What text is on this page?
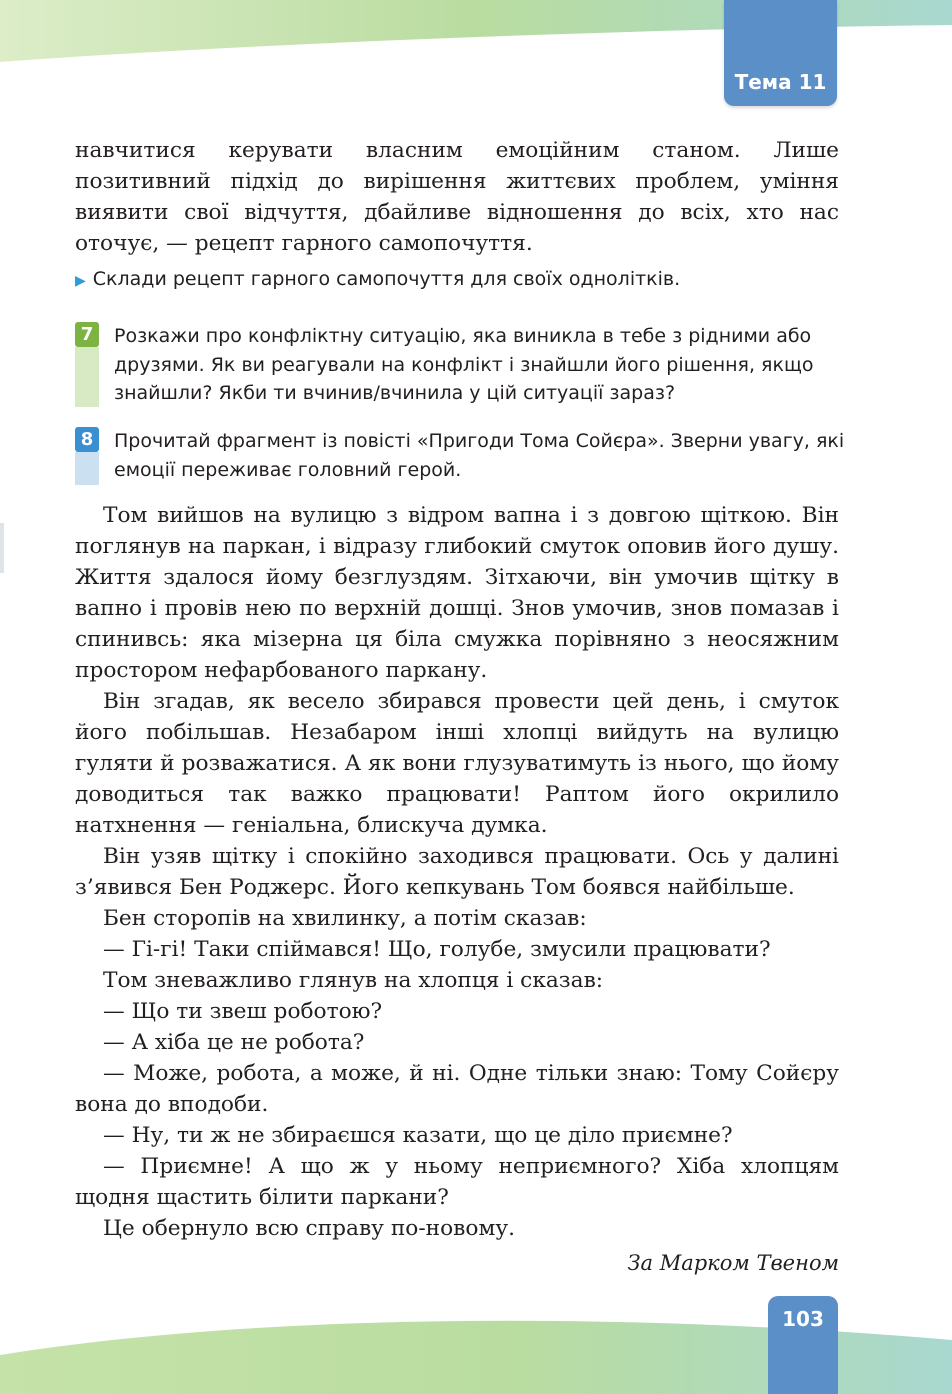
Тема 11

навчитися керувати власним емоційним станом. Лише позитивний підхід до вирішення життєвих проблем, уміння виявити свої відчуття, дбайливе відношення до всіх, хто нас оточує, — рецепт гарного самопочуття.

▶ Склади рецепт гарного самопочуття для своїх однолітків.
7	Розкажи про конфліктну ситуацію, яка виникла в тебе з рідними або друзями. Як ви реагували на конфлікт і знайшли його рішення, якщо знайшли? Якби ти вчинив/вчинила у цій ситуації зараз?
8	Прочитай фрагмент із повісті «Пригоди Тома Сойєра». Зверни увагу, які емоції переживає головний герой.

Том вийшов на вулицю з відром вапна і з довгою щіткою. Він поглянув на паркан, і відразу глибокий смуток оповив його душу. Життя здалося йому безглуздям. Зітхаючи, він умочив щітку в вапно і провів нею по верхній дошці. Знов умочив, знов помазав і спинивсь: яка мізерна ця біла смужка порівняно з неосяжним простором нефарбованого паркану.

Він згадав, як весело збирався провести цей день, і смуток його побільшав. Незабаром інші хлопці вийдуть на вулицю гуляти й розважатися. А як вони глузуватимуть із нього, що йому доводиться так важко працювати! Раптом його окрилило натхнення — геніальна, блискуча думка.

Він узяв щітку і спокійно заходився працювати. Ось у далині з’явився Бен Роджерс. Його кепкувань Том боявся найбільше.

Бен сторопів на хвилинку, а потім сказав:

— Гі-гі! Таки спіймався! Що, голубе, змусили працювати?

Том зневажливо глянув на хлопця і сказав:

— Що ти звеш роботою?

— А хіба це не робота?

— Може, робота, а може, й ні. Одне тільки знаю: Тому Сойєру вона до вподоби.

— Ну, ти ж не збираєшся казати, що це діло приємне?

— Приємне! А що ж у ньому неприємного? Хіба хлопцям щодня щастить білити паркани?

Це обернуло всю справу по-новому.

За Марком Твеном
103
